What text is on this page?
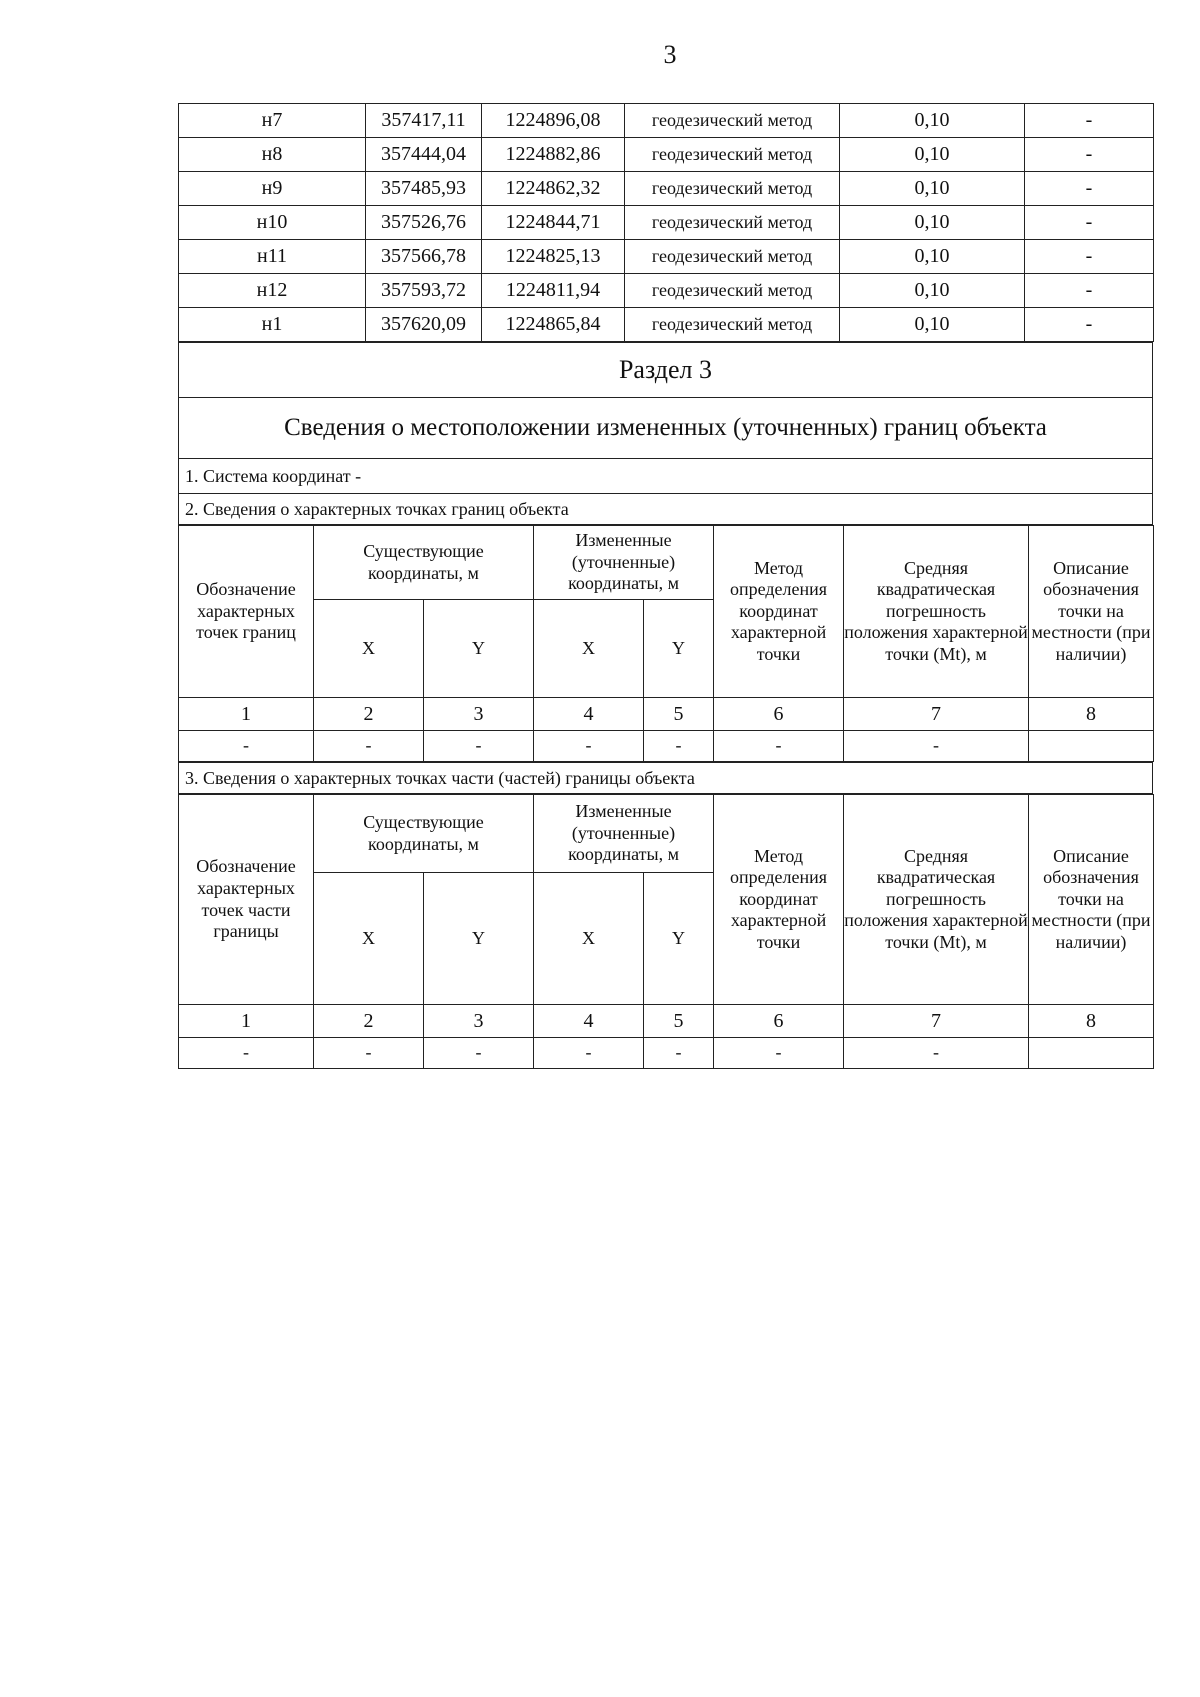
3
н7	357417,11	1224896,08	геодезический метод	0,10	-
н8	357444,04	1224882,86	геодезический метод	0,10	-
н9	357485,93	1224862,32	геодезический метод	0,10	-
н10	357526,76	1224844,71	геодезический метод	0,10	-
н11	357566,78	1224825,13	геодезический метод	0,10	-
н12	357593,72	1224811,94	геодезический метод	0,10	-
н1	357620,09	1224865,84	геодезический метод	0,10	-
Раздел 3
Сведения о местоположении измененных (уточненных) границ объекта
1. Система координат -
2. Сведения о характерных точках границ объекта
Обозначение характерных точек границ	Существующие координаты, м		Измененные (уточненные) координаты, м		Метод определения координат характерной точки	Средняя квадратическая погрешность положения характерной точки (Mt), м	Описание обозначения точки на местности (при наличии)
	X	Y	X	Y			
1	2	3	4	5	6	7	8
-	-	-	-	-	-	-	
3. Сведения о характерных точках части (частей) границы объекта
Обозначение характерных точек части границы	Существующие координаты, м		Измененные (уточненные) координаты, м		Метод определения координат характерной точки	Средняя квадратическая погрешность положения характерной точки (Mt), м	Описание обозначения точки на местности (при наличии)
	X	Y	X	Y			
1	2	3	4	5	6	7	8
-	-	-	-	-	-	-	
